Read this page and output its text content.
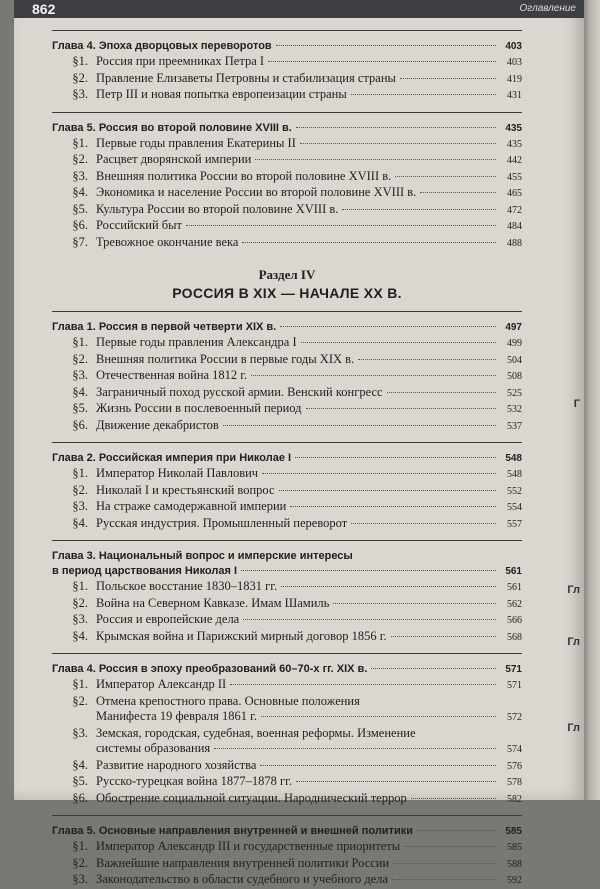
862	Оглавление
Глава 4. Эпоха дворцовых переворотов	403
§1. Россия при преемниках Петра I	403
§2. Правление Елизаветы Петровны и стабилизация страны	419
§3. Петр III и новая попытка европеизации страны	431
Глава 5. Россия во второй половине XVIII в.	435
§1. Первые годы правления Екатерины II	435
§2. Расцвет дворянской империи	442
§3. Внешняя политика России во второй половине XVIII в.	455
§4. Экономика и население России во второй половине XVIII в.	465
§5. Культура России во второй половине XVIII в.	472
§6. Российский быт	484
§7. Тревожное окончание века	488
Раздел IV
РОССИЯ В XIX — НАЧАЛЕ XX В.
Глава 1. Россия в первой четверти XIX в.	497
§1. Первые годы правления Александра I	499
§2. Внешняя политика России в первые годы XIX в.	504
§3. Отечественная война 1812 г.	508
§4. Заграничный поход русской армии. Венский конгресс	525
§5. Жизнь России в послевоенный период	532
§6. Движение декабристов	537
Глава 2. Российская империя при Николае I	548
§1. Император Николай Павлович	548
§2. Николай I и крестьянский вопрос	552
§3. На страже самодержавной империи	554
§4. Русская индустрия. Промышленный переворот	557
Глава 3. Национальный вопрос и имперские интересы
в период царствования Николая I	561
§1. Польское восстание 1830–1831 гг.	561
§2. Война на Северном Кавказе. Имам Шамиль	562
§3. Россия и европейские дела	566
§4. Крымская война и Парижский мирный договор 1856 г.	568
Глава 4. Россия в эпоху преобразований 60–70-х гг. XIX в.	571
§1. Император Александр II	571
§2. Отмена крепостного права. Основные положения
Манифеста 19 февраля 1861 г.	572
§3. Земская, городская, судебная, военная реформы. Изменение
системы образования	574
§4. Развитие народного хозяйства	576
§5. Русско-турецкая война 1877–1878 гг.	578
§6. Обострение социальной ситуации. Народнический террор	582
Глава 5. Основные направления внутренней и внешней политики	585
§1. Император Александр III и государственные приоритеты	585
§2. Важнейшие направления внутренней политики России	588
§3. Законодательство в области судебного и учебного дела	592
Г
Гл
Гл
Гл
